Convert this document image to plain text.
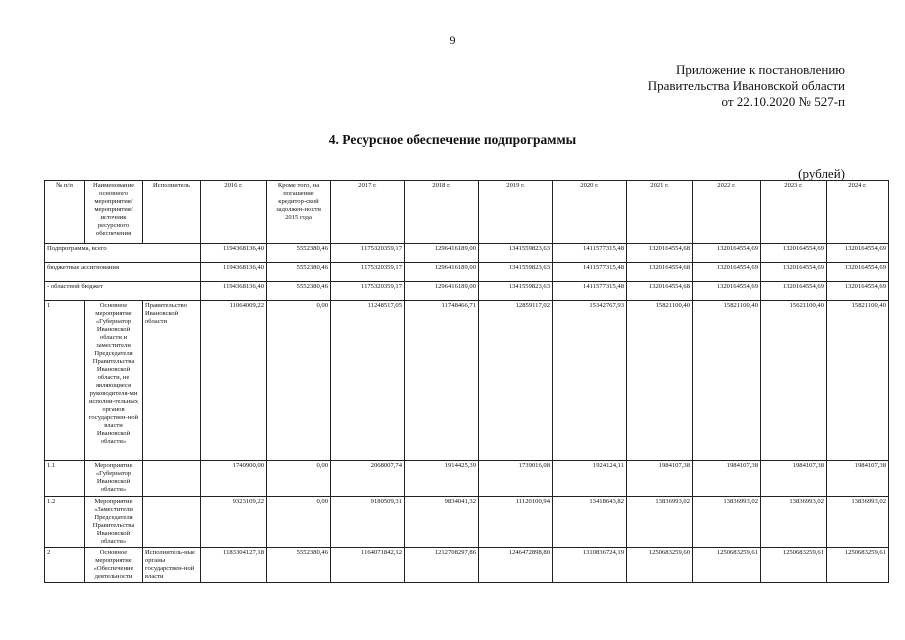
9
Приложение к постановлению
Правительства Ивановской области
от 22.10.2020 № 527-п
4. Ресурсное обеспечение подпрограммы
(рублей)
№ п/п	Наименование основного мероприятия/ мероприятия/ источник ресурсного обеспечения	Исполнитель	2016 г.	Кроме того, на погашение кредитор-ской задолжен-ности 2015 года	2017 г.	2018 г.	2019 г.	2020 г.	2021 г.	2022 г.	2023 г.	2024 г.
Подпрограмма, всего			1194368136,40	5552380,46	1175320359,17	1296416189,00	1341559823,63	1411577315,48	1320164554,68	1320164554,69	1320164554,69	1320164554,69
бюджетные ассигнования			1194368136,40	5552380,46	1175320359,17	1296416189,00	1341559823,63	1411577315,48	1320164554,68	1320164554,69	1320164554,69	1320164554,69
- областной бюджет			1194368136,40	5552380,46	1175320359,17	1296416189,00	1341559823,63	1411577315,48	1320164554,68	1320164554,69	1320164554,69	1320164554,69
1	Основное мероприятие «Губернатор Ивановской области и заместители Председателя Правительства Ивановской области, не являющиеся руководителя-ми исполни-тельных органов государствен-ной власти Ивановской области»	Правительство Ивановской области	11064009,22	0,00	11248517,05	11748466,71	12859117,02	15342767,93	15821100,40	15821100,40	15621100,40	15821100,40
1.1	Мероприятие «Губернатор Ивановской области»		1740900,00	0,00	2068007,74	1914425,39	1739016,08	1924124,11	1984107,38	1984107,38	1984107,38	1984107,38
1.2	Мероприятие «Заместители Председателя Правительства Ивановской области»		9323109,22	0,00	9180509,31	9834041,32	11120100,94	13418643,82	13836993,02	13836993,02	13836993,02	13836993,02
2	Основное мероприятие «Обеспечение деятельности	Исполнитель-ные органы государствен-ной власти	1183304127,18	5552380,46	1164071842,12	1212708297,86	1246472898,80	1310836724,19	1250683259,60	1250683259,61	1250683259,61	1250683259,61
